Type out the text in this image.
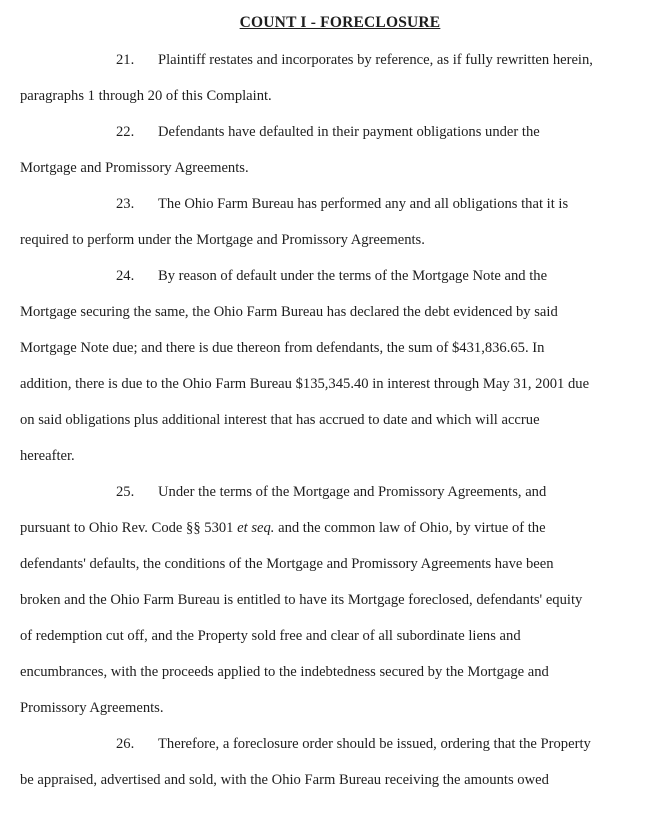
COUNT I - FORECLOSURE
21. Plaintiff restates and incorporates by reference, as if fully rewritten herein,
paragraphs 1 through 20 of this Complaint.
22. Defendants have defaulted in their payment obligations under the
Mortgage and Promissory Agreements.
23. The Ohio Farm Bureau has performed any and all obligations that it is
required to perform under the Mortgage and Promissory Agreements.
24. By reason of default under the terms of the Mortgage Note and the
Mortgage securing the same, the Ohio Farm Bureau has declared the debt evidenced by said
Mortgage Note due; and there is due thereon from defendants, the sum of $431,836.65. In
addition, there is due to the Ohio Farm Bureau $135,345.40 in interest through May 31, 2001 due
on said obligations plus additional interest that has accrued to date and which will accrue
hereafter.
25. Under the terms of the Mortgage and Promissory Agreements, and
pursuant to Ohio Rev. Code §§ 5301 et seq. and the common law of Ohio, by virtue of the
defendants' defaults, the conditions of the Mortgage and Promissory Agreements have been
broken and the Ohio Farm Bureau is entitled to have its Mortgage foreclosed, defendants' equity
of redemption cut off, and the Property sold free and clear of all subordinate liens and
encumbrances, with the proceeds applied to the indebtedness secured by the Mortgage and
Promissory Agreements.
26. Therefore, a foreclosure order should be issued, ordering that the Property
be appraised, advertised and sold, with the Ohio Farm Bureau receiving the amounts owed
